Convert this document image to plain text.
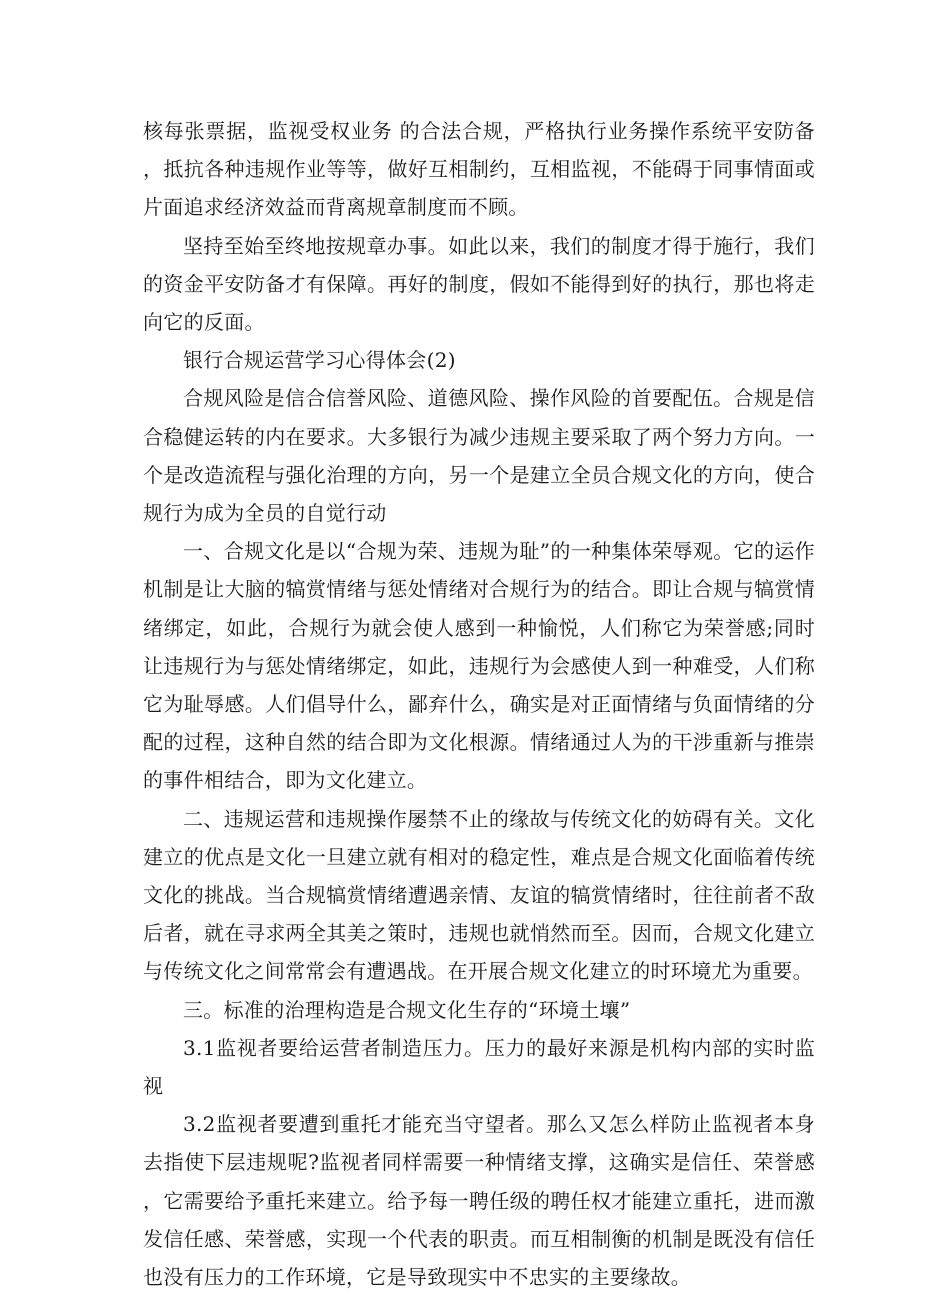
核每张票据，监视受权业务 的合法合规，严格执行业务操作系统平安防备，抵抗各种违规作业等等，做好互相制约，互相监视，不能碍于同事情面或片面追求经济效益而背离规章制度而不顾。

坚持至始至终地按规章办事。如此以来，我们的制度才得于施行，我们的资金平安防备才有保障。再好的制度，假如不能得到好的执行，那也将走向它的反面。

银行合规运营学习心得体会(2)

合规风险是信合信誉风险、道德风险、操作风险的首要配伍。合规是信合稳健运转的内在要求。大多银行为减少违规主要采取了两个努力方向。一个是改造流程与强化治理的方向，另一个是建立全员合规文化的方向，使合规行为成为全员的自觉行动

一、合规文化是以“合规为荣、违规为耻”的一种集体荣辱观。它的运作机制是让大脑的犒赏情绪与惩处情绪对合规行为的结合。即让合规与犒赏情绪绑定，如此，合规行为就会使人感到一种愉悦，人们称它为荣誉感;同时让违规行为与惩处情绪绑定，如此，违规行为会感使人到一种难受，人们称它为耻辱感。人们倡导什么，鄙弃什么，确实是对正面情绪与负面情绪的分配的过程，这种自然的结合即为文化根源。情绪通过人为的干涉重新与推崇的事件相结合，即为文化建立。

二、违规运营和违规操作屡禁不止的缘故与传统文化的妨碍有关。文化建立的优点是文化一旦建立就有相对的稳定性，难点是合规文化面临着传统文化的挑战。当合规犒赏情绪遭遇亲情、友谊的犒赏情绪时，往往前者不敌后者，就在寻求两全其美之策时，违规也就悄然而至。因而，合规文化建立与传统文化之间常常会有遭遇战。在开展合规文化建立的时环境尤为重要。

三。标准的治理构造是合规文化生存的“环境土壤”

3.1监视者要给运营者制造压力。压力的最好来源是机构内部的实时监视

3.2监视者要遭到重托才能充当守望者。那么又怎么样防止监视者本身去指使下层违规呢?监视者同样需要一种情绪支撑，这确实是信任、荣誉感，它需要给予重托来建立。给予每一聘任级的聘任权才能建立重托，进而激发信任感、荣誉感，实现一个代表的职责。而互相制衡的机制是既没有信任也没有压力的工作环境，它是导致现实中不忠实的主要缘故。
